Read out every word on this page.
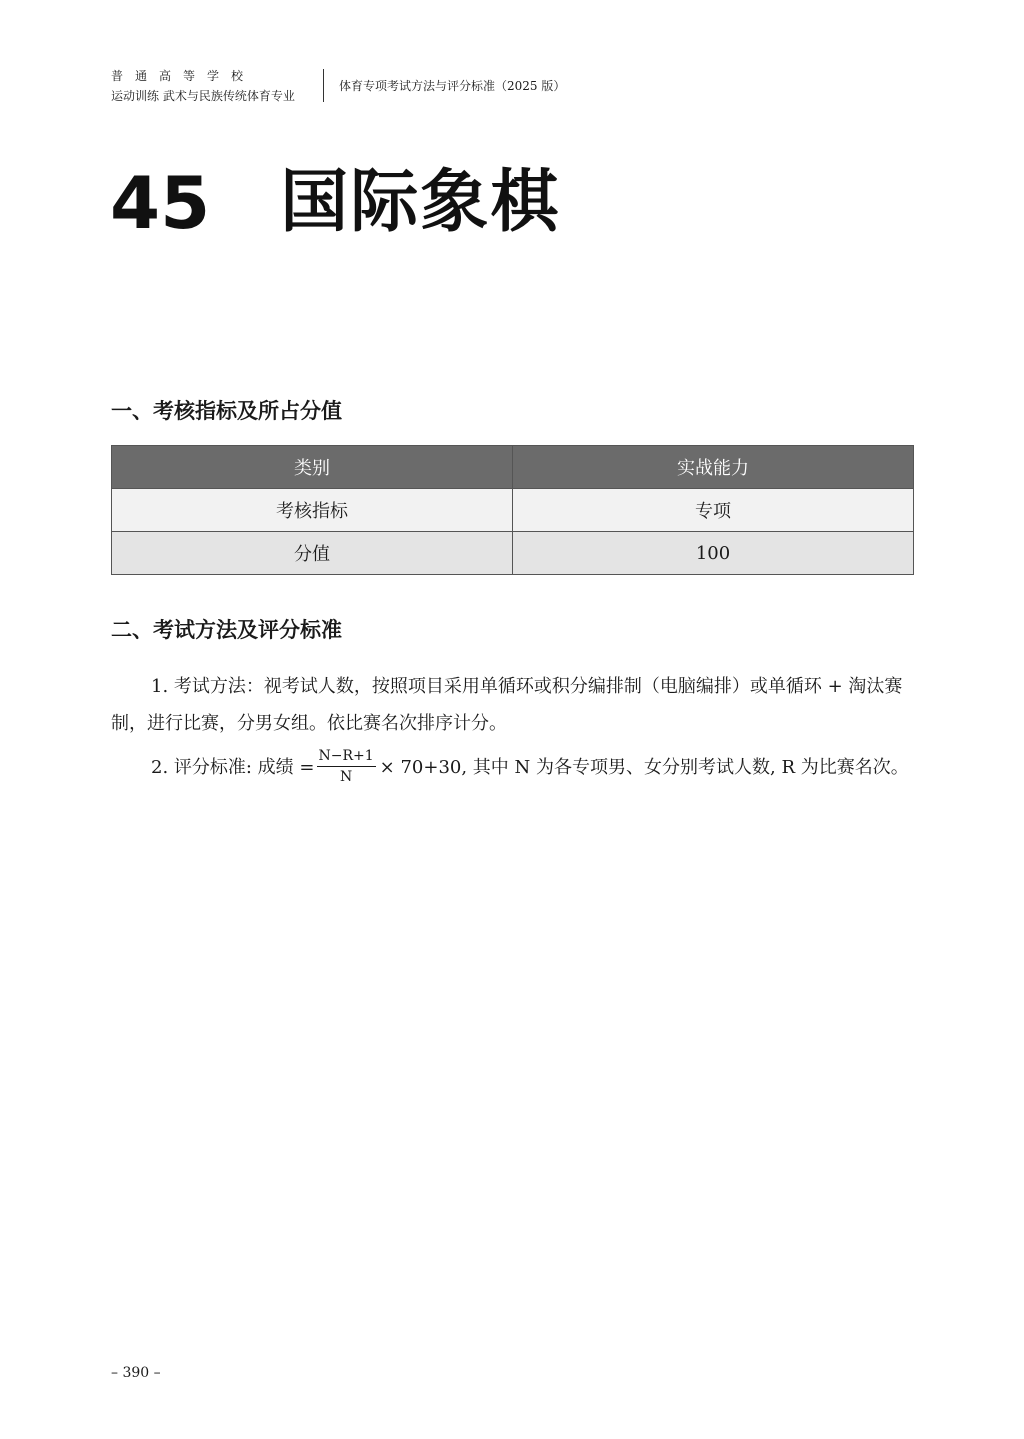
普通高等学校
运动训练 武术与民族传统体育专业
体育专项考试方法与评分标准（2025 版）
45 国际象棋
一、考核指标及所占分值
类别	实战能力
考核指标	专项
分值	100
二、考试方法及评分标准

1. 考试方法：视考试人数，按照项目采用单循环或积分编排制（电脑编排）或单循环 + 淘汰赛制，进行比赛，分男女组。依比赛名次排序计分。

2. 评分标准: 成绩 = $\frac{N-R+1}{N} \times 70+30$, 其中 N 为各专项男、女分别考试人数, R 为比赛名次。
– 390 –
